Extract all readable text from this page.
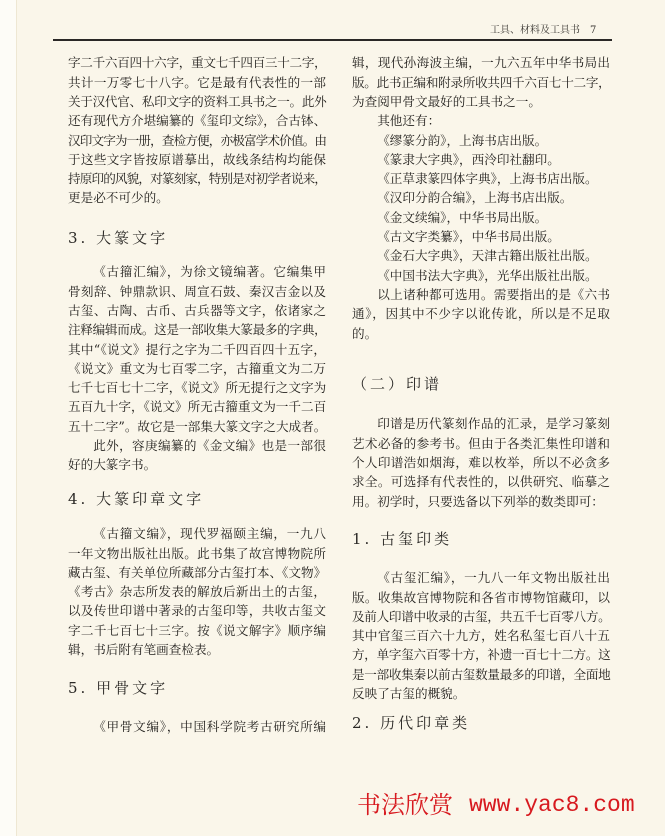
工具、材料及工具书 7
字二千六百四十六字，重文七千四百三十二字，
共计一万零七十八字。它是最有代表性的一部
关于汉代官、私印文字的资料工具书之一。此外
还有现代方介堪编纂的《玺印文综》，合古钵、
汉印文字为一册，查检方便，亦极富学术价值。由
于这些文字皆按原谱摹出，故线条结构均能保
持原印的风貌，对篆刻家，特别是对初学者说来，
更是必不可少的。
3. 大篆文字
《古籀汇编》，为徐文镜编著。它编集甲
骨刻辞、钟鼎款识、周宣石鼓、秦汉吉金以及
古玺、古陶、古币、古兵器等文字，依诸家之
注释编辑而成。这是一部收集大篆最多的字典，
其中“《说文》提行之字为二千四百四十五字，
《说文》重文为七百零二字，古籀重文为二万
七千七百七十二字，《说文》所无提行之文字为
五百九十字，《说文》所无古籀重文为一千二百
五十二字”。故它是一部集大篆文字之大成者。
此外，容庚编纂的《金文编》也是一部很
好的大篆字书。
4. 大篆印章文字
《古籀文编》，现代罗福颐主编，一九八
一年文物出版社出版。此书集了故宫博物院所
藏古玺、有关单位所藏部分古玺打本、《文物》
《考古》杂志所发表的解放后新出土的古玺，
以及传世印谱中著录的古玺印等，共收古玺文
字二千七百七十三字。按《说文解字》顺序编
辑，书后附有笔画查检表。
5. 甲骨文字
《甲骨文编》，中国科学院考古研究所编
辑，现代孙海波主编，一九六五年中华书局出
版。此书正编和附录所收共四千六百七十二字，
为查阅甲骨文最好的工具书之一。
其他还有：
《缪篆分韵》，上海书店出版。
《篆隶大字典》，西泠印社翻印。
《正草隶篆四体字典》，上海书店出版。
《汉印分韵合编》，上海书店出版。
《金文续编》，中华书局出版。
《古文字类纂》，中华书局出版。
《金石大字典》，天津古籍出版社出版。
《中国书法大字典》，光华出版社出版。
以上诸种都可选用。需要指出的是《六书
通》，因其中不少字以讹传讹，所以是不足取
的。
（二）印谱
印谱是历代篆刻作品的汇录，是学习篆刻
艺术必备的参考书。但由于各类汇集性印谱和
个人印谱浩如烟海，难以枚举，所以不必贪多
求全。可选择有代表性的，以供研究、临摹之
用。初学时，只要选备以下列举的数类即可：
1. 古玺印类
《古玺汇编》，一九八一年文物出版社出
版。收集故宫博物院和各省市博物馆藏印，以
及前人印谱中收录的古玺，共五千七百零八方。
其中官玺三百六十九方，姓名私玺七百八十五
方，单字玺六百零十方，补遗一百七十二方。这
是一部收集秦以前古玺数量最多的印谱，全面地
反映了古玺的概貌。
2. 历代印章类
书法欣赏 www.yac8.com
